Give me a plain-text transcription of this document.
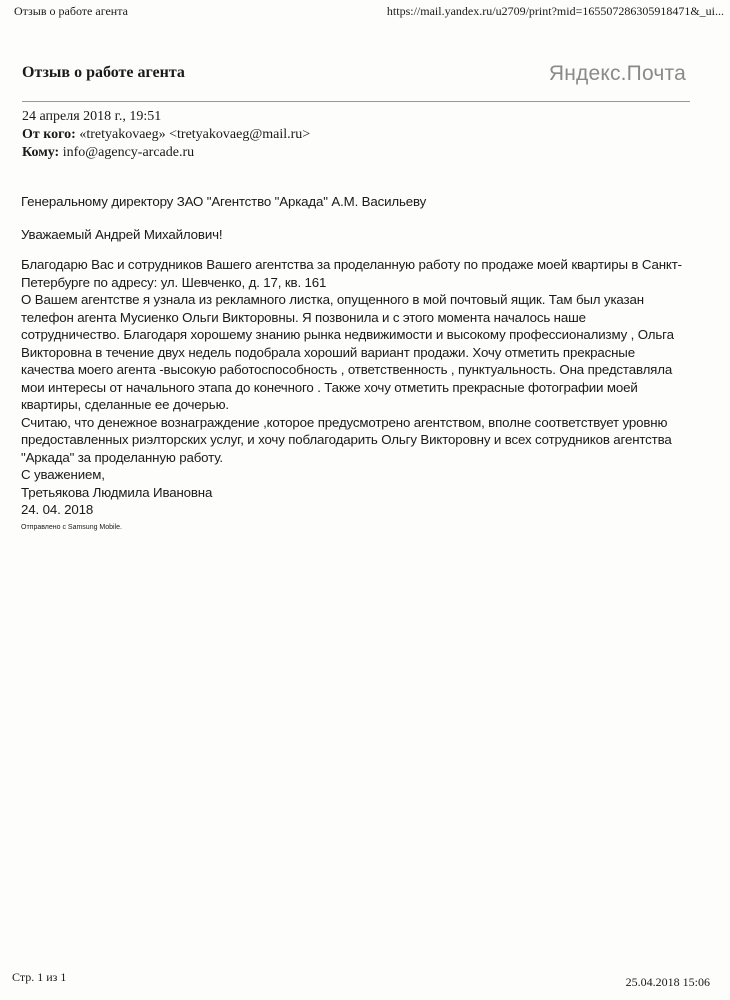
Отзыв о работе агента	https://mail.yandex.ru/u2709/print?mid=165507286305918471&_ui...
Отзыв о работе агента	Яндекс.Почта
24 апреля 2018 г., 19:51
От кого: «tretyakovaeg» <tretyakovaeg@mail.ru>
Кому: info@agency-arcade.ru

Генеральному директору ЗАО "Агентство "Аркада" А.М. Васильеву

Уважаемый Андрей Михайлович!

Благодарю Вас и сотрудников Вашего агентства за проделанную работу по продаже моей квартиры в Санкт-

Петербурге по адресу: ул. Шевченко, д. 17, кв. 161

О Вашем агентстве я узнала из рекламного листка, опущенного в мой почтовый ящик. Там был указан

телефон агента Мусиенко Ольги Викторовны. Я позвонила и с этого момента началось наше

сотрудничество. Благодаря хорошему знанию рынка недвижимости и высокому профессионализму , Ольга

Викторовна в течение двух недель подобрала хороший вариант продажи. Хочу отметить прекрасные

качества моего агента -высокую работоспособность , ответственность , пунктуальность. Она представляла

мои интересы от начального этапа до конечного . Также хочу отметить прекрасные фотографии моей

квартиры, сделанные ее дочерью.

Считаю, что денежное вознаграждение ,которое предусмотрено агентством, вполне соответствует уровню

предоставленных риэлторских услуг, и хочу поблагодарить Ольгу Викторовну и всех сотрудников агентства

"Аркада" за проделанную работу.

С уважением,

Третьякова Людмила Ивановна

24. 04. 2018

Отправлено с Samsung Mobile.
Стр. 1 из 1	25.04.2018 15:06
